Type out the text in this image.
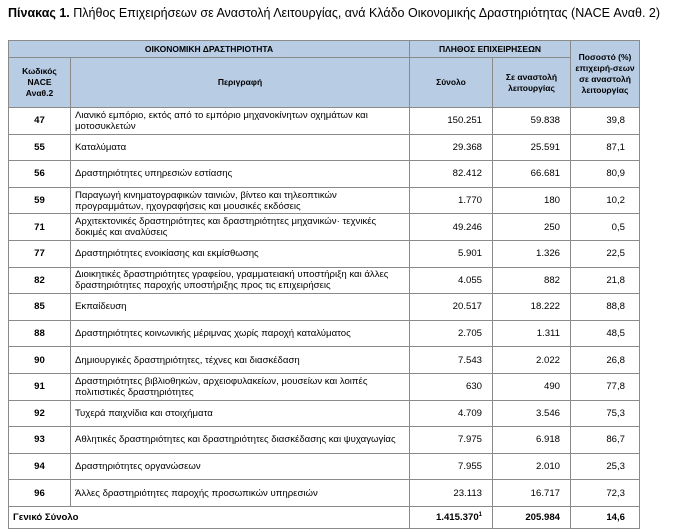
Πίνακας 1. Πλήθος Επιχειρήσεων σε Αναστολή Λειτουργίας, ανά Κλάδο Οικονομικής Δραστηριότητας (NACE Αναθ. 2)
ΟΙΚΟΝΟΜΙΚΗ ΔΡΑΣΤΗΡΙΟΤΗΤΑ		ΠΛΗΘΟΣ ΕΠΙΧΕΙΡΗΣΕΩΝ		Ποσοστό (%) επιχειρή-σεων σε αναστολή λειτουργίας
Κωδικός NACE Αναθ.2	Περιγραφή	Σύνολο	Σε αναστολή λειτουργίας	
47	Λιανικό εμπόριο, εκτός από το εμπόριο μηχανοκίνητων οχημάτων και μοτοσυκλετών	150.251	59.838	39,8
55	Καταλύματα	29.368	25.591	87,1
56	Δραστηριότητες υπηρεσιών εστίασης	82.412	66.681	80,9
59	Παραγωγή κινηματογραφικών ταινιών, βίντεο και τηλεοπτικών προγραμμάτων, ηχογραφήσεις και μουσικές εκδόσεις	1.770	180	10,2
71	Αρχιτεκτονικές δραστηριότητες και δραστηριότητες μηχανικών· τεχνικές δοκιμές και αναλύσεις	49.246	250	0,5
77	Δραστηριότητες ενοικίασης και εκμίσθωσης	5.901	1.326	22,5
82	Διοικητικές δραστηριότητες γραφείου, γραμματειακή υποστήριξη και άλλες δραστηριότητες παροχής υποστήριξης προς τις επιχειρήσεις	4.055	882	21,8
85	Εκπαίδευση	20.517	18.222	88,8
88	Δραστηριότητες κοινωνικής μέριμνας χωρίς παροχή καταλύματος	2.705	1.311	48,5
90	Δημιουργικές δραστηριότητες, τέχνες και διασκέδαση	7.543	2.022	26,8
91	Δραστηριότητες βιβλιοθηκών, αρχειοφυλακείων, μουσείων και λοιπές πολιτιστικές δραστηριότητες	630	490	77,8
92	Τυχερά παιχνίδια και στοιχήματα	4.709	3.546	75,3
93	Αθλητικές δραστηριότητες και δραστηριότητες διασκέδασης και ψυχαγωγίας	7.975	6.918	86,7
94	Δραστηριότητες οργανώσεων	7.955	2.010	25,3
96	Άλλες δραστηριότητες παροχής προσωπικών υπηρεσιών	23.113	16.717	72,3
Γενικό Σύνολο		1.415.370$^1$	205.984	14,6
